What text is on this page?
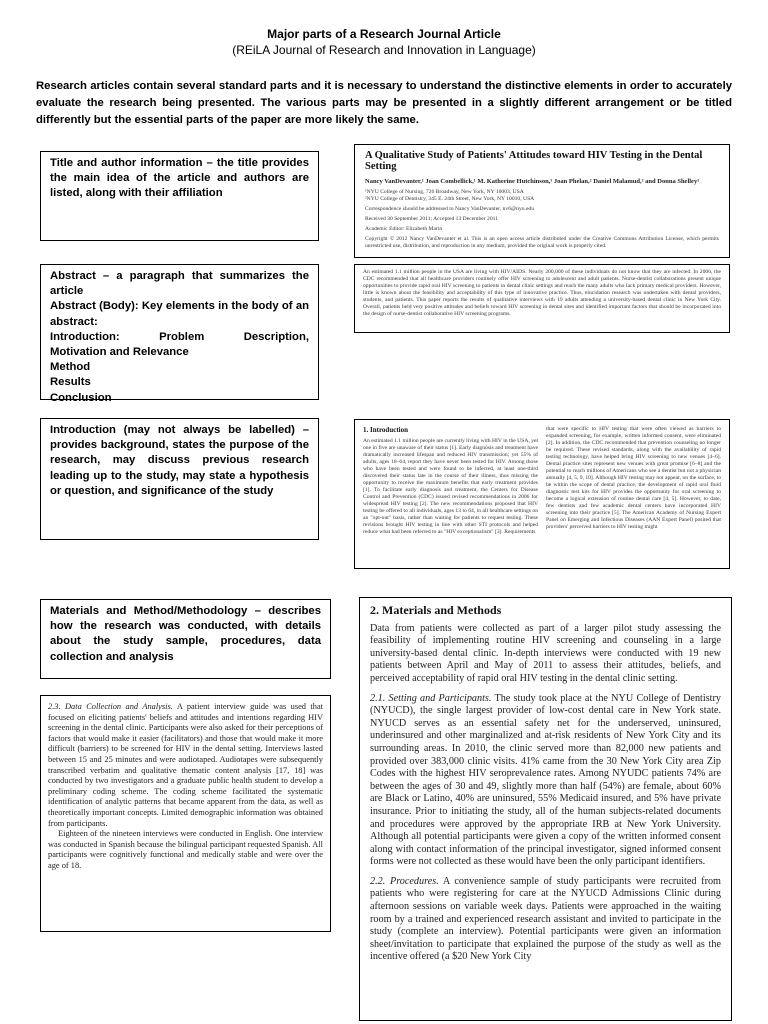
Major parts of a Research Journal Article
(REiLA Journal of Research and Innovation in Language)
Research articles contain several standard parts and it is necessary to understand the distinctive elements in order to accurately evaluate the research being presented. The various parts may be presented in a slightly different arrangement or be titled differently but the essential parts of the paper are more likely the same.
Title and author information – the title provides the main idea of the article and authors are listed, along with their affiliation
A Qualitative Study of Patients' Attitudes toward HIV Testing in the Dental Setting
Nancy VanDevanter,¹ Joan Combellick,¹ M. Katherine Hutchinson,¹ Joan Phelan,² Daniel Malamud,² and Donna Shelley¹
¹NYU College of Nursing, 726 Broadway, New York, NY 10003, USA
²NYU College of Dentistry, 345 E. 24th Street, New York, NY 10010, USA
Correspondence should be addressed to Nancy VanDevanter, nv6@nyu.edu
Received 30 September 2011; Accepted 13 December 2011
Academic Editor: Elizabeth Marin
Copyright © 2012 Nancy VanDevanter et al. This is an open access article distributed under the Creative Commons Attribution License, which permits unrestricted use, distribution, and reproduction in any medium, provided the original work is properly cited.
Abstract – a paragraph that summarizes the article
Abstract (Body): Key elements in the body of an abstract:
Introduction:	Problem	Description,
Motivation and Relevance
Method
Results
Conclusion
An estimated 1.1 million people in the USA are living with HIV/AIDS. Nearly 200,000 of these individuals do not know that they are infected. In 2006, the CDC recommended that all healthcare providers routinely offer HIV screening to adolescent and adult patients. Nurse-dentist collaborations present unique opportunities to provide rapid oral HIV screening to patients in dental clinic settings and reach the many adults who lack primary medical providers. However, little is known about the feasibility and acceptability of this type of innovative practice. Thus, elucidation research was undertaken with dental providers, students, and patients. This paper reports the results of qualitative interviews with 19 adults attending a university-based dental clinic in New York City. Overall, patients held very positive attitudes and beliefs toward HIV screening in dental sites and identified important factors that should be incorporated into the design of nurse-dentist collaborative HIV screening programs.
Introduction (may not always be labelled) – provides background, states the purpose of the research, may discuss previous research leading up to the study, may state a hypothesis or question, and significance of the study
1. Introduction
An estimated 1.1 million people are currently living with HIV in the USA, yet one in five are unaware of their status [1]. Early diagnosis and treatment have dramatically increased lifespan and reduced HIV transmission; yet 55% of adults, ages 18–64, report they have never been tested for HIV. Among those who have been tested and were found to be infected, at least one-third discovered their status late in the course of their illness, thus missing the opportunity to receive the maximum benefits that early treatment provides [1]. To facilitate early diagnosis and treatment, the Centers for Disease Control and Prevention (CDC) issued revised recommendations in 2006 for widespread HIV testing [2]. The new recommendations proposed that HIV testing be offered to all individuals, ages 13 to 64, in all healthcare settings on an "opt-out" basis, rather than waiting for patients to request testing. These revisions brought HIV testing in line with other STI protocols and helped reduce what had been referred to as "HIV exceptionalism" [3]. Requirements
that were specific to HIV testing that were often viewed as barriers to expanded screening, for example, written informed consent, were eliminated [2]. In addition, the CDC recommended that prevention counseling no longer be required. These revised standards, along with the availability of rapid testing technology, have helped bring HIV screening to new venues [4–6]. Dental practice sites represent new venues with great promise [6–8] and the potential to reach millions of Americans who see a dentist but not a physician annually [4, 5, 9, 10]. Although HIV testing may not appear, on the surface, to be within the scope of dental practice, the development of rapid oral fluid diagnostic test kits for HIV provides the opportunity for oral screening to become a logical extension of routine dental care [4, 5]. However, to date, few dentists and few academic dental centers have incorporated HIV screening into their practice [5]. The American Academy of Nursing Expert Panel on Emerging and Infectious Diseases (AAN Expert Panel) posited that providers' perceived barriers to HIV testing might
Materials and Method/Methodology – describes how the research was conducted, with details about the study sample, procedures, data collection and analysis
2.3. Data Collection and Analysis. A patient interview guide was used that focused on eliciting patients' beliefs and attitudes and intentions regarding HIV screening in the dental clinic. Participants were also asked for their perceptions of factors that would make it easier (facilitators) and those that would make it more difficult (barriers) to be screened for HIV in the dental setting. Interviews lasted between 15 and 25 minutes and were audiotaped. Audiotapes were subsequently transcribed verbatim and qualitative thematic content analysis [17, 18] was conducted by two investigators and a graduate public health student to develop a preliminary coding scheme. The coding scheme facilitated the systematic identification of analytic patterns that became apparent from the data, as well as theoretically important concepts. Limited demographic information was obtained from participants.
Eighteen of the nineteen interviews were conducted in English. One interview was conducted in Spanish because the bilingual participant requested Spanish. All participants were cognitively functional and medically stable and were over the age of 18.
2. Materials and Methods
Data from patients were collected as part of a larger pilot study assessing the feasibility of implementing routine HIV screening and counseling in a large university-based dental clinic. In-depth interviews were conducted with 19 new patients between April and May of 2011 to assess their attitudes, beliefs, and perceived acceptability of rapid oral HIV testing in the dental clinic setting.
2.1. Setting and Participants. The study took place at the NYU College of Dentistry (NYUCD), the single largest provider of low-cost dental care in New York state. NYUCD serves as an essential safety net for the underserved, uninsured, underinsured and other marginalized and at-risk residents of New York City and its surrounding areas. In 2010, the clinic served more than 82,000 new patients and provided over 383,000 clinic visits. 41% came from the 30 New York City area Zip Codes with the highest HIV seroprevalence rates. Among NYUDC patients 74% are between the ages of 30 and 49, slightly more than half (54%) are female, about 60% are Black or Latino, 40% are uninsured, 55% Medicaid insured, and 5% have private insurance. Prior to initiating the study, all of the human subjects-related documents and procedures were approved by the appropriate IRB at New York University. Although all potential participants were given a copy of the written informed consent along with contact information of the principal investigator, signed informed consent forms were not collected as these would have been the only participant identifiers.
2.2. Procedures. A convenience sample of study participants were recruited from patients who were registering for care at the NYUCD Admissions Clinic during afternoon sessions on variable week days. Patients were approached in the waiting room by a trained and experienced research assistant and invited to participate in the study (complete an interview). Potential participants were given an information sheet/invitation to participate that explained the purpose of the study as well as the incentive offered (a $20 New York City
